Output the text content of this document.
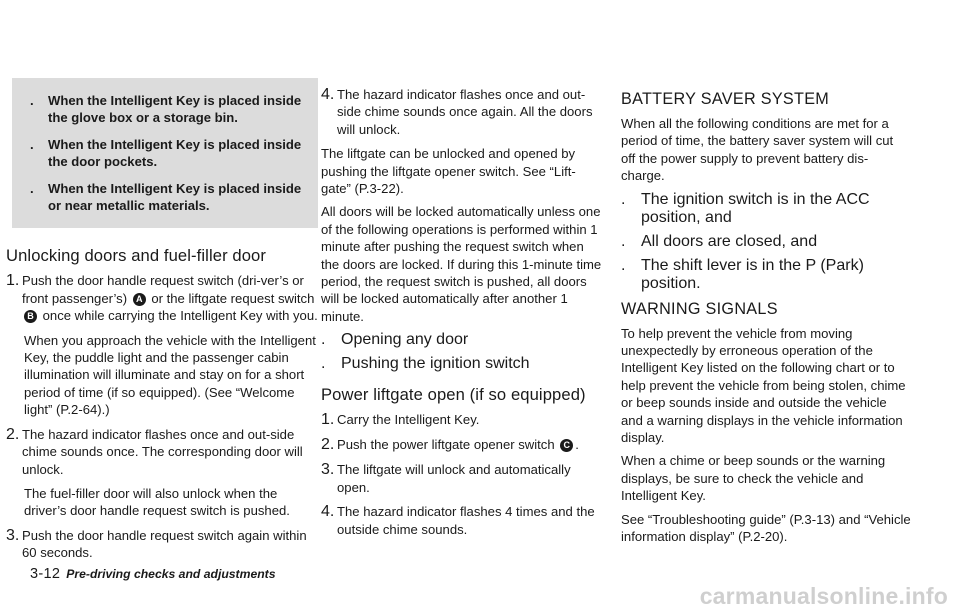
.	When the Intelligent Key is placed inside the glove box or a storage bin.
.	When the Intelligent Key is placed inside the door pockets.
.	When the Intelligent Key is placed inside or near metallic materials.
Unlocking doors and fuel-filler door
1. Push the door handle request switch (dri-ver’s or front passenger’s) A or the liftgate request switch B once while carrying the Intelligent Key with you.

When you approach the vehicle with the Intelligent Key, the puddle light and the passenger cabin illumination will illuminate and stay on for a short period of time (if so equipped). (See “Welcome light” (P.2-64).)

2. The hazard indicator flashes once and out-side chime sounds once. The corresponding door will unlock.

The fuel-filler door will also unlock when the driver’s door handle request switch is pushed.

3. Push the door handle request switch again within 60 seconds.
4. The hazard indicator flashes once and out-side chime sounds once again. All the doors will unlock.

The liftgate can be unlocked and opened by pushing the liftgate opener switch. See “Lift-gate” (P.3-22).

All doors will be locked automatically unless one of the following operations is performed within 1 minute after pushing the request switch when the doors are locked. If during this 1-minute time period, the request switch is pushed, all doors will be locked automatically after another 1 minute.

. Opening any door
. Pushing the ignition switch
Power liftgate open (if so equipped)
1. Carry the Intelligent Key.
2. Push the power liftgate opener switch C .
3. The liftgate will unlock and automatically open.
4. The hazard indicator flashes 4 times and the outside chime sounds.
BATTERY SAVER SYSTEM

When all the following conditions are met for a period of time, the battery saver system will cut off the power supply to prevent battery dis-charge.

. The ignition switch is in the ACC position, and
. All doors are closed, and
. The shift lever is in the P (Park) position.
WARNING SIGNALS

To help prevent the vehicle from moving unexpectedly by erroneous operation of the Intelligent Key listed on the following chart or to help prevent the vehicle from being stolen, chime or beep sounds inside and outside the vehicle and a warning displays in the vehicle information display.

When a chime or beep sounds or the warning displays, be sure to check the vehicle and Intelligent Key.

See “Troubleshooting guide” (P.3-13) and “Vehicle information display” (P.2-20).

3-12 Pre-driving checks and adjustments
carmanualsonline.info
